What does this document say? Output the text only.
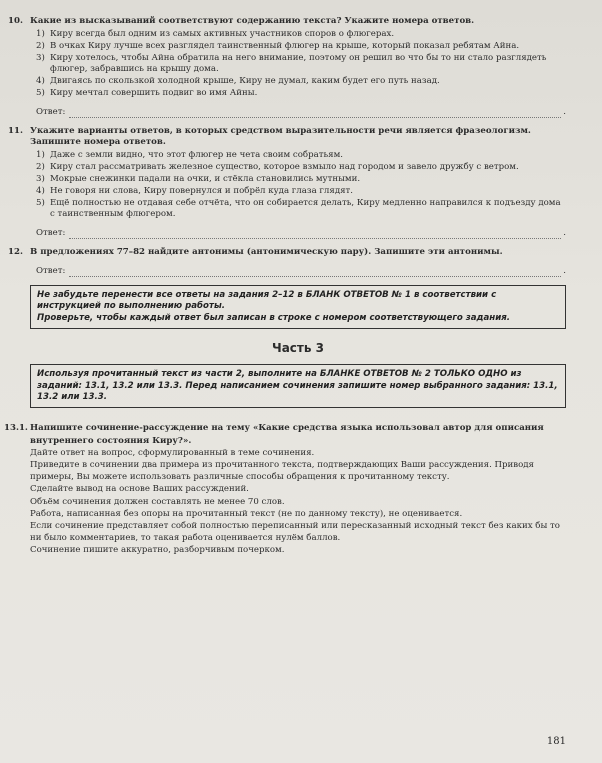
10. Какие из высказываний соответствуют содержанию текста? Укажите номера ответов.
1) Киру всегда был одним из самых активных участников споров о флюгерах.
2) В очках Киру лучше всех разглядел таинственный флюгер на крыше, который показал ребятам Айна.
3) Киру хотелось, чтобы Айна обратила на него внимание, поэтому он решил во что бы то ни стало разглядеть флюгер, забравшись на крышу дома.
4) Двигаясь по скользкой холодной крыше, Киру не думал, каким будет его путь назад.
5) Киру мечтал совершить подвиг во имя Айны.
Ответ:	.
11. Укажите варианты ответов, в которых средством выразительности речи является фразеологизм. Запишите номера ответов.
1) Даже с земли видно, что этот флюгер не чета своим собратьям.
2) Киру стал рассматривать железное существо, которое взмыло над городом и завело дружбу с ветром.
3) Мокрые снежинки падали на очки, и стёкла становились мутными.
4) Не говоря ни слова, Киру повернулся и побрёл куда глаза глядят.
5) Ещё полностью не отдавая себе отчёта, что он собирается делать, Киру медленно направился к подъезду дома с таинственным флюгером.
Ответ:	.
12. В предложениях 77–82 найдите антонимы (антонимическую пару). Запишите эти антонимы.
Ответ:	.

Не забудьте перенести все ответы на задания 2–12 в БЛАНК ОТВЕТОВ № 1 в соответствии с инструкцией по выполнению работы.

Проверьте, чтобы каждый ответ был записан в строке с номером соответствующего задания.

Часть 3

Используя прочитанный текст из части 2, выполните на БЛАНКЕ ОТВЕТОВ № 2 ТОЛЬКО ОДНО из заданий: 13.1, 13.2 или 13.3. Перед написанием сочинения запишите номер выбранного задания: 13.1, 13.2 или 13.3.

13.1. Напишите сочинение-рассуждение на тему «Какие средства языка использовал автор для описания внутреннего состояния Киру?».

Дайте ответ на вопрос, сформулированный в теме сочинения.

Приведите в сочинении два примера из прочитанного текста, подтверждающих Ваши рассуждения. Приводя примеры, Вы можете использовать различные способы обращения к прочитанному тексту.

Сделайте вывод на основе Ваших рассуждений.

Объём сочинения должен составлять не менее 70 слов.

Работа, написанная без опоры на прочитанный текст (не по данному тексту), не оценивается.

Если сочинение представляет собой полностью переписанный или пересказанный исходный текст без каких бы то ни было комментариев, то такая работа оценивается нулём баллов.

Сочинение пишите аккуратно, разборчивым почерком.

181
